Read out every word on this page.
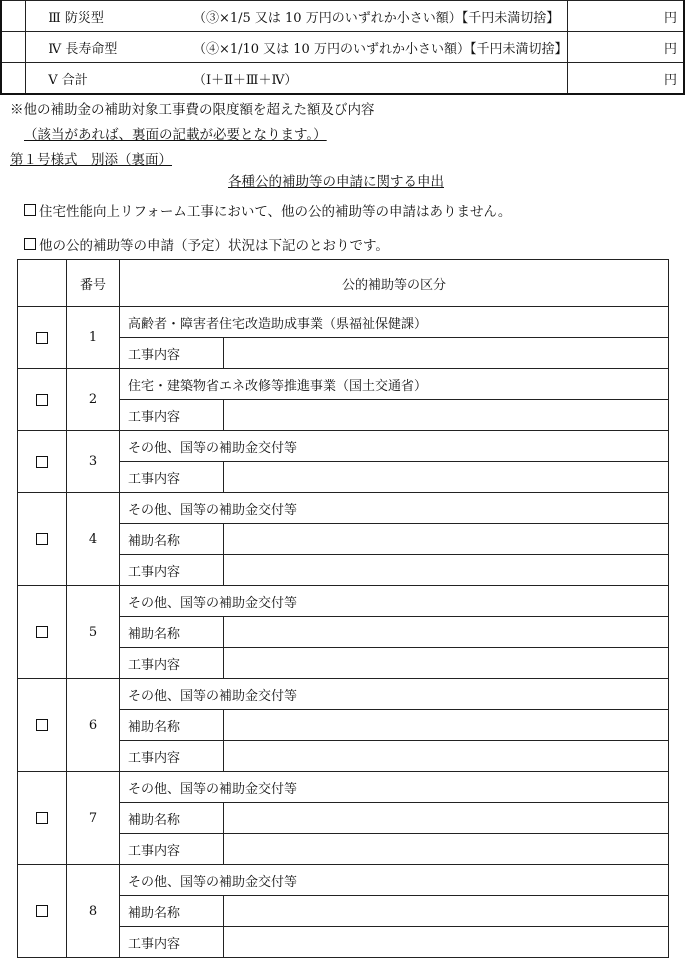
	Ⅲ 防災型	（③×1/5 又は 10 万円のいずれか小さい額）【千円未満切捨】	円
	Ⅳ 長寿命型	（④×1/10 又は 10 万円のいずれか小さい額）【千円未満切捨】	円
	Ⅴ 合計	（Ⅰ＋Ⅱ＋Ⅲ＋Ⅳ）	円
※他の補助金の補助対象工事費の限度額を超えた額及び内容
（該当があれば、裏面の記載が必要となります。）
第１号様式　別添（裏面）
各種公的補助等の申請に関する申出
住宅性能向上リフォーム工事において、他の公的補助等の申請はありません。
他の公的補助等の申請（予定）状況は下記のとおりです。
	番号	公的補助等の区分	
	1	高齢者・障害者住宅改造助成事業（県福祉保健課）	
		工事内容	
	2	住宅・建築物省エネ改修等推進事業（国土交通省）	
		工事内容	
	3	その他、国等の補助金交付等	
		工事内容	
	4	その他、国等の補助金交付等	
		補助名称	
		工事内容	
	5	その他、国等の補助金交付等	
		補助名称	
		工事内容	
	6	その他、国等の補助金交付等	
		補助名称	
		工事内容	
	7	その他、国等の補助金交付等	
		補助名称	
		工事内容	
	8	その他、国等の補助金交付等	
		補助名称	
		工事内容	
